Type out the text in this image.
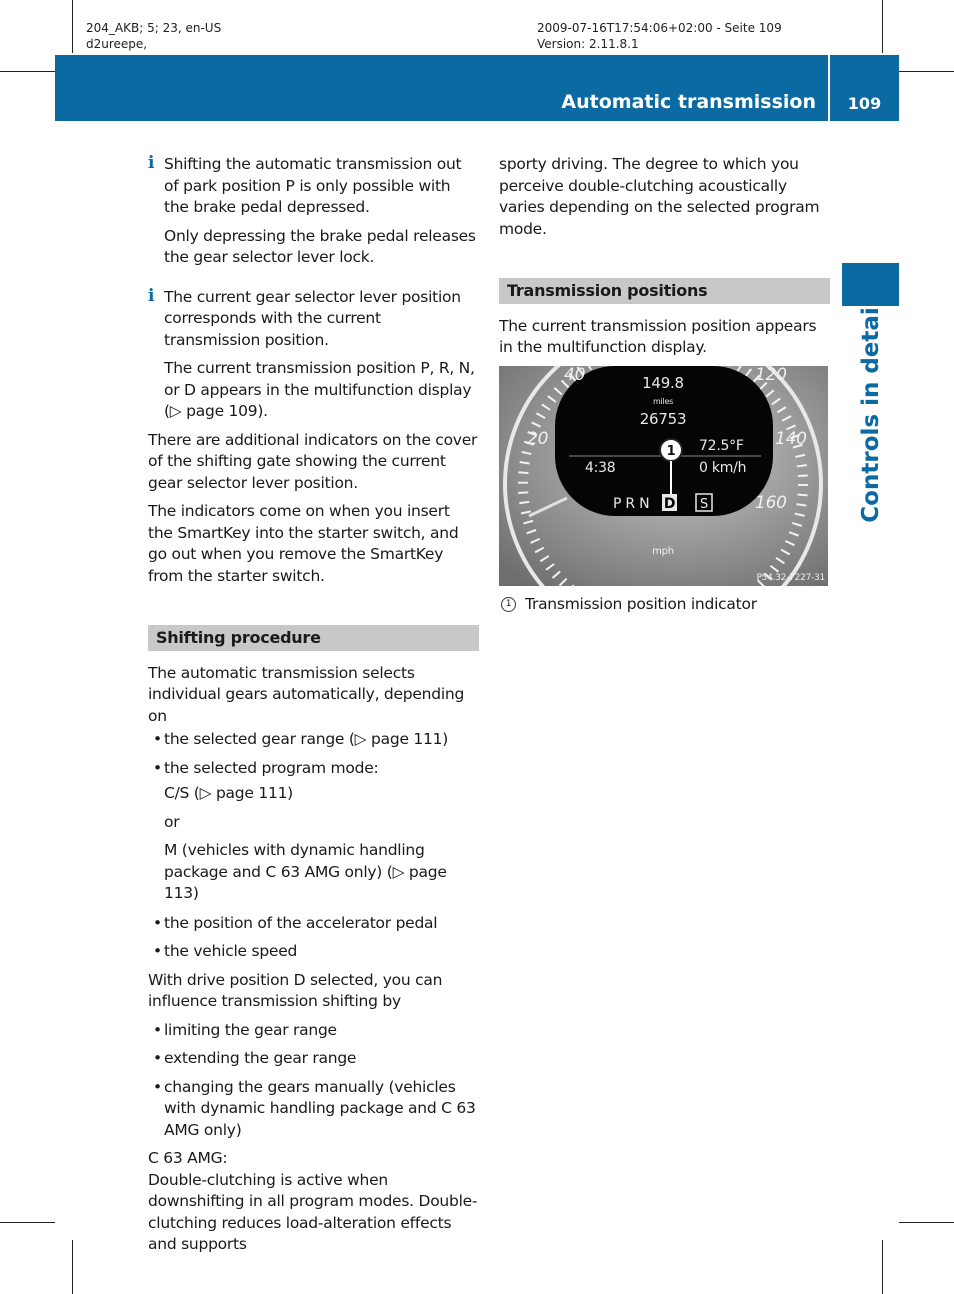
204_AKB; 5; 23, en-US
d2ureepe,
2009-07-16T17:54:06+02:00 - Seite 109
Version: 2.11.8.1
Automatic transmission	109
Controls in detail

i Shifting the automatic transmission out of park position P is only possible with the brake pedal depressed.

Only depressing the brake pedal releases the gear selector lever lock.

i The current gear selector lever position corresponds with the current transmission position.

The current transmission position P, R, N, or D appears in the multifunction display (▷ page 109).

There are additional indicators on the cover of the shifting gate showing the current gear selector lever position.

The indicators come on when you insert the SmartKey into the starter switch, and go out when you remove the SmartKey from the starter switch.

Shifting procedure

The automatic transmission selects individual gears automatically, depending on

• the selected gear range (▷ page 111)

• the selected program mode:

C/S (▷ page 111)

or

M (vehicles with dynamic handling package and C 63 AMG only) (▷ page 113)

• the position of the accelerator pedal

• the vehicle speed

With drive position D selected, you can influence transmission shifting by

• limiting the gear range

• extending the gear range

• changing the gears manually (vehicles with dynamic handling package and C 63 AMG only)

C 63 AMG:
Double-clutching is active when downshifting in all program modes. Double-clutching reduces load-alteration effects and supports

sporty driving. The degree to which you perceive double-clutching acoustically varies depending on the selected program mode.

Transmission positions

The current transmission position appears in the multifunction display.

40
20
120
140
160
149.8
miles
26753
72.5°F
0 km/h
4:38
1
P R N D S
mph
P54.32-7227-31

1 Transmission position indicator
